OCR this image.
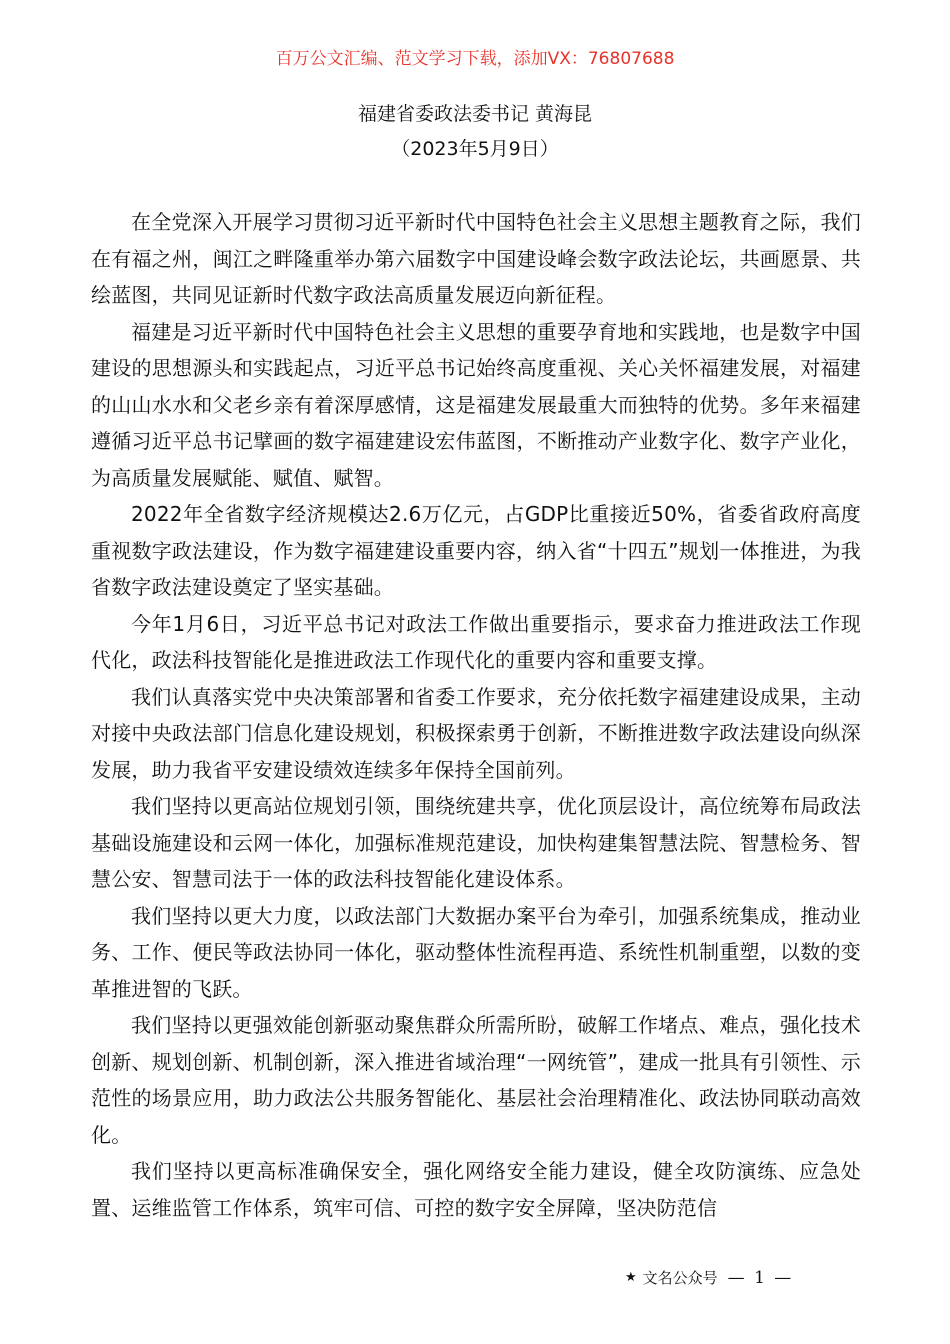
百万公文汇编、范文学习下载，添加VX：76807688
福建省委政法委书记 黄海昆
（2023年5月9日）

在全党深入开展学习贯彻习近平新时代中国特色社会主义思想主题教育之际，我们在有福之州，闽江之畔隆重举办第六届数字中国建设峰会数字政法论坛，共画愿景、共绘蓝图，共同见证新时代数字政法高质量发展迈向新征程。

福建是习近平新时代中国特色社会主义思想的重要孕育地和实践地，也是数字中国建设的思想源头和实践起点，习近平总书记始终高度重视、关心关怀福建发展，对福建的山山水水和父老乡亲有着深厚感情，这是福建发展最重大而独特的优势。多年来福建遵循习近平总书记擘画的数字福建建设宏伟蓝图，不断推动产业数字化、数字产业化，为高质量发展赋能、赋值、赋智。

2022年全省数字经济规模达2.6万亿元，占GDP比重接近50%，省委省政府高度重视数字政法建设，作为数字福建建设重要内容，纳入省“十四五”规划一体推进，为我省数字政法建设奠定了坚实基础。

今年1月6日，习近平总书记对政法工作做出重要指示，要求奋力推进政法工作现代化，政法科技智能化是推进政法工作现代化的重要内容和重要支撑。

我们认真落实党中央决策部署和省委工作要求，充分依托数字福建建设成果，主动对接中央政法部门信息化建设规划，积极探索勇于创新，不断推进数字政法建设向纵深发展，助力我省平安建设绩效连续多年保持全国前列。

我们坚持以更高站位规划引领，围绕统建共享，优化顶层设计，高位统筹布局政法基础设施建设和云网一体化，加强标准规范建设，加快构建集智慧法院、智慧检务、智慧公安、智慧司法于一体的政法科技智能化建设体系。

我们坚持以更大力度，以政法部门大数据办案平台为牵引，加强系统集成，推动业务、工作、便民等政法协同一体化，驱动整体性流程再造、系统性机制重塑，以数的变革推进智的飞跃。

我们坚持以更强效能创新驱动聚焦群众所需所盼，破解工作堵点、难点，强化技术创新、规划创新、机制创新，深入推进省域治理“一网统管”，建成一批具有引领性、示范性的场景应用，助力政法公共服务智能化、基层社会治理精准化、政法协同联动高效化。

我们坚持以更高标准确保安全，强化网络安全能力建设，健全攻防演练、应急处置、运维监管工作体系，筑牢可信、可控的数字安全屏障，坚决防范信

★ 文名公众号 — 1 —
